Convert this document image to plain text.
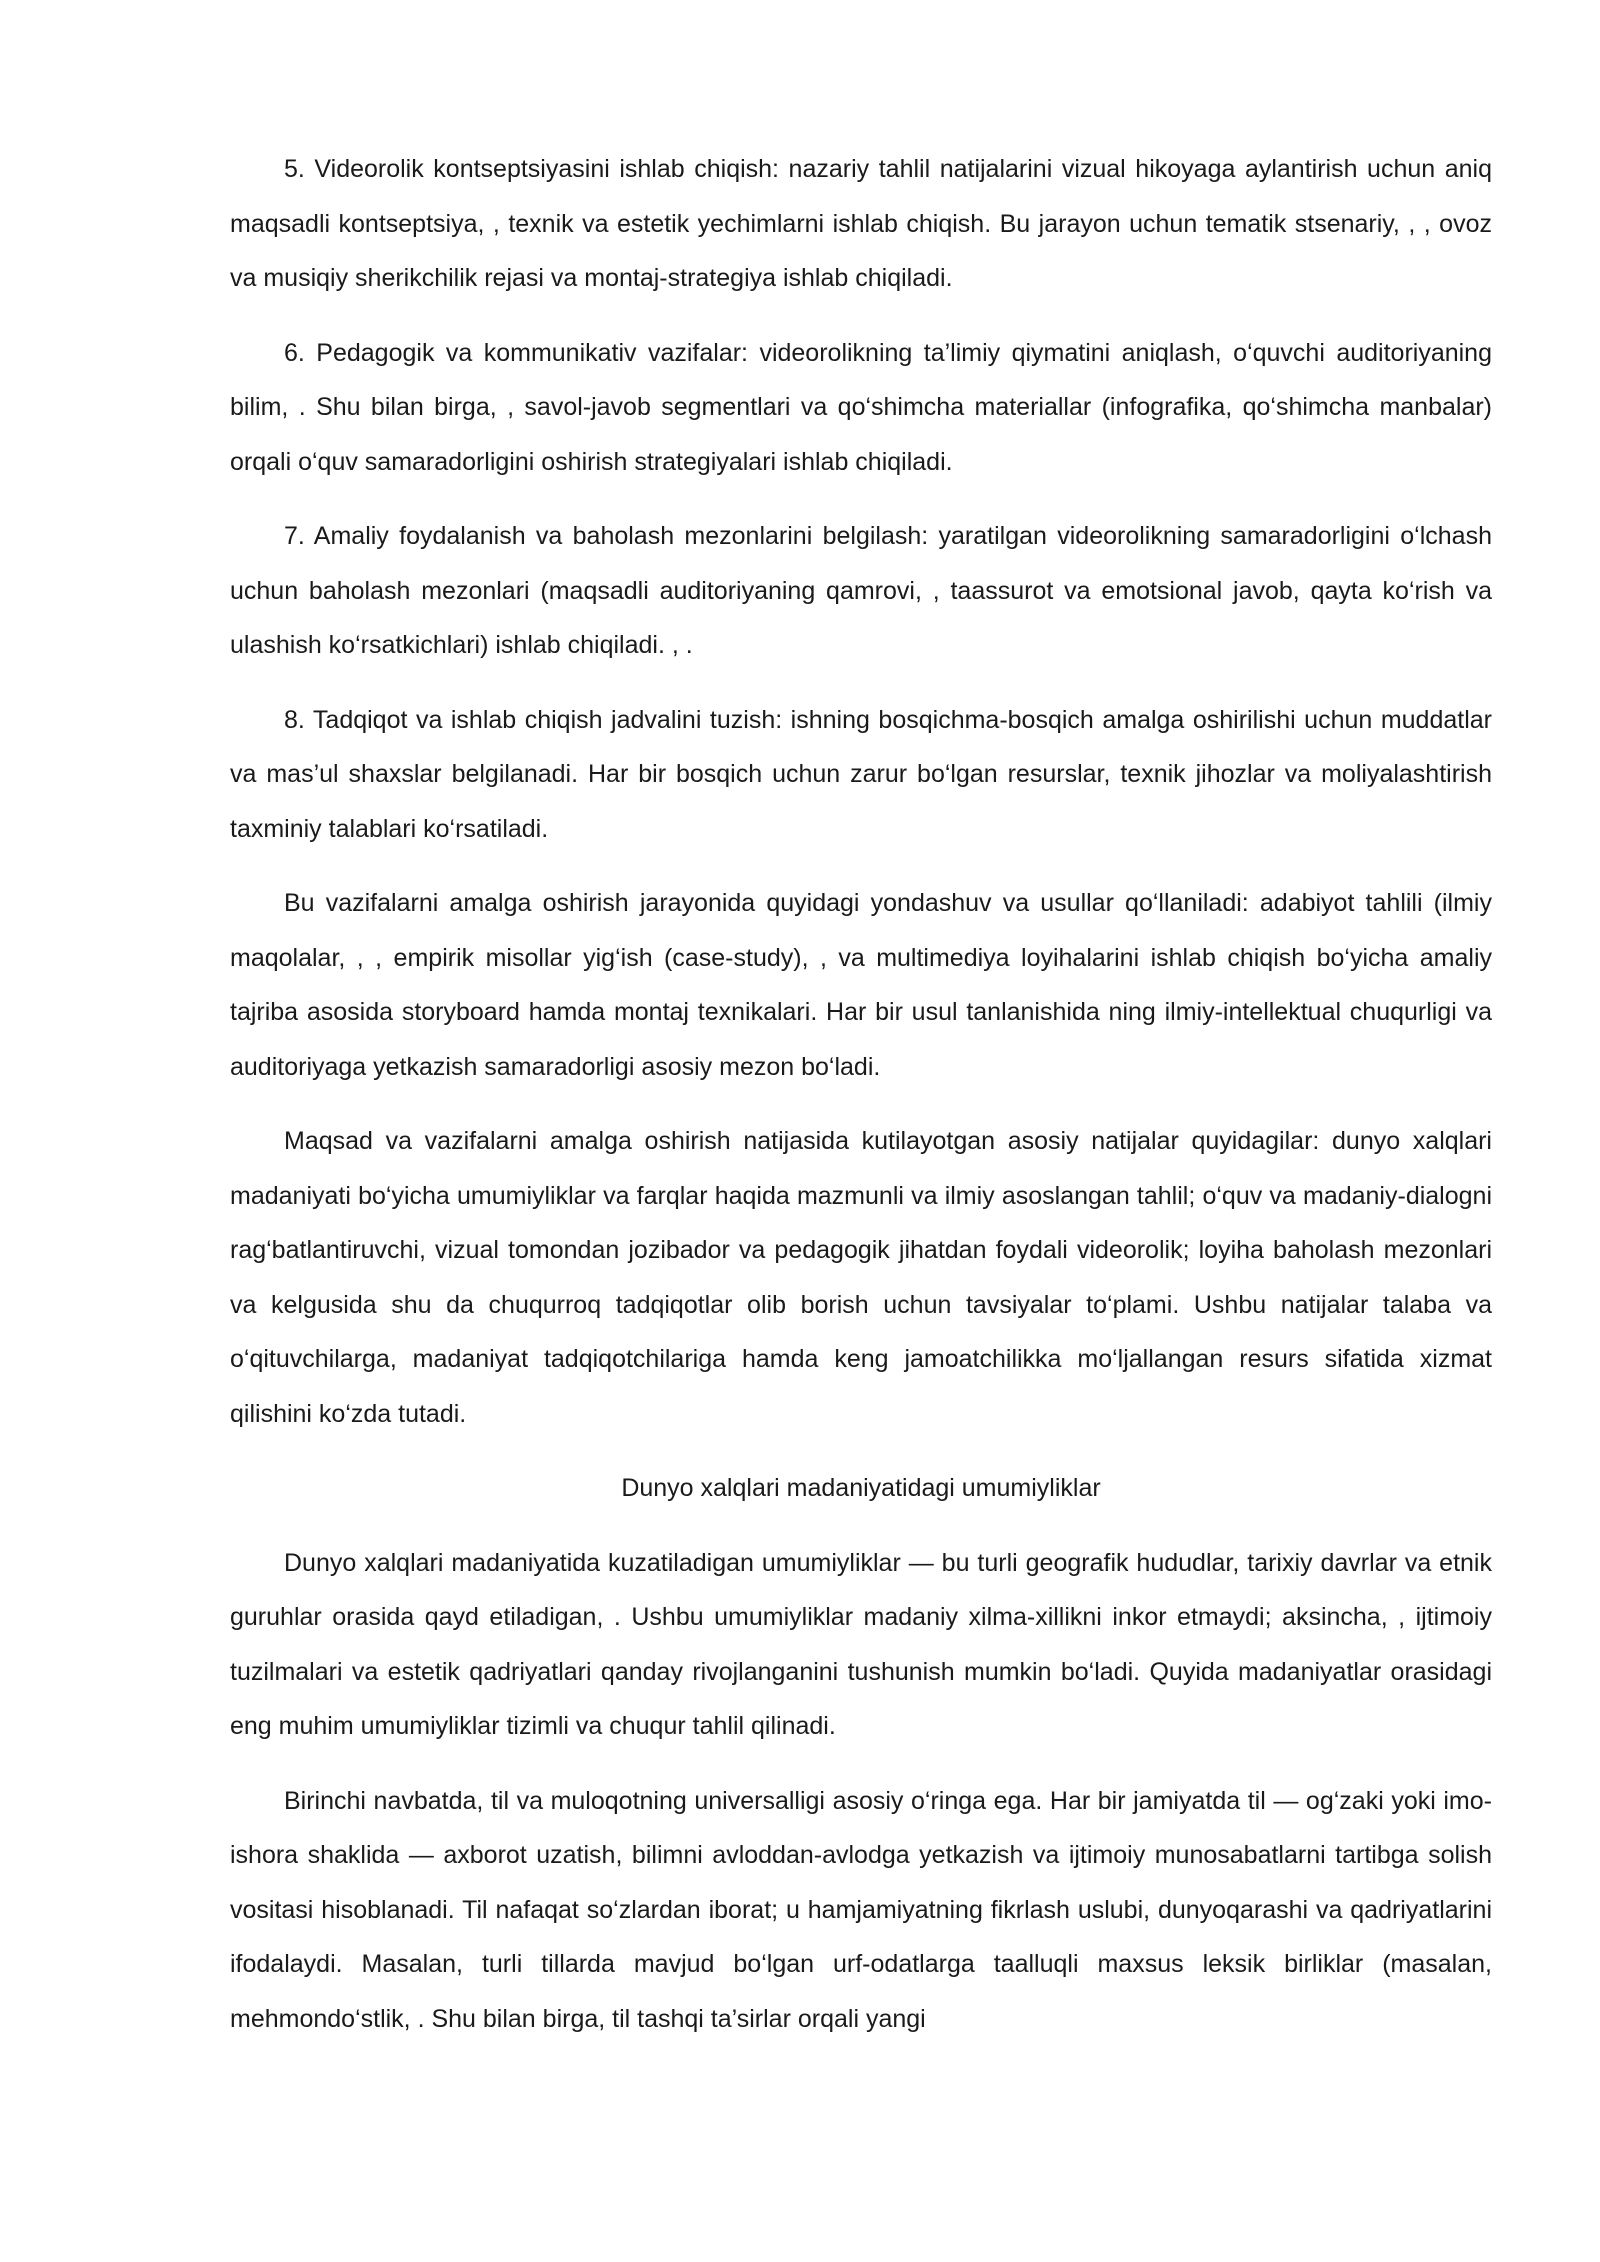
5. Videorolik kontseptsiyasini ishlab chiqish: nazariy tahlil natijalarini vizual hikoyaga aylantirish uchun aniq maqsadli kontseptsiya, , texnik va estetik yechimlarni ishlab chiqish. Bu jarayon uchun tematik stsenariy, , , ovoz va musiqiy sherikchilik rejasi va montaj-strategiya ishlab chiqiladi.

6. Pedagogik va kommunikativ vazifalar: videorolikning ta’limiy qiymatini aniqlash, o‘quvchi auditoriyaning bilim, . Shu bilan birga, , savol-javob segmentlari va qo‘shimcha materiallar (infografika, qo‘shimcha manbalar) orqali o‘quv samaradorligini oshirish strategiyalari ishlab chiqiladi.

7. Amaliy foydalanish va baholash mezonlarini belgilash: yaratilgan videorolikning samaradorligini o‘lchash uchun baholash mezonlari (maqsadli auditoriyaning qamrovi, , taassurot va emotsional javob, qayta ko‘rish va ulashish ko‘rsatkichlari) ishlab chiqiladi. , .

8. Tadqiqot va ishlab chiqish jadvalini tuzish: ishning bosqichma-bosqich amalga oshirilishi uchun muddatlar va mas’ul shaxslar belgilanadi. Har bir bosqich uchun zarur bo‘lgan resurslar, texnik jihozlar va moliyalashtirish taxminiy talablari ko‘rsatiladi.

Bu vazifalarni amalga oshirish jarayonida quyidagi yondashuv va usullar qo‘llaniladi: adabiyot tahlili (ilmiy maqolalar, , , empirik misollar yig‘ish (case-study), , va multimediya loyihalarini ishlab chiqish bo‘yicha amaliy tajriba asosida storyboard hamda montaj texnikalari. Har bir usul tanlanishida ning ilmiy-intellektual chuqurligi va auditoriyaga yetkazish samaradorligi asosiy mezon bo‘ladi.

Maqsad va vazifalarni amalga oshirish natijasida kutilayotgan asosiy natijalar quyidagilar: dunyo xalqlari madaniyati bo‘yicha umumiyliklar va farqlar haqida mazmunli va ilmiy asoslangan tahlil; o‘quv va madaniy-dialogni rag‘batlantiruvchi, vizual tomondan jozibador va pedagogik jihatdan foydali videorolik; loyiha baholash mezonlari va kelgusida shu da chuqurroq tadqiqotlar olib borish uchun tavsiyalar to‘plami. Ushbu natijalar talaba va o‘qituvchilarga, madaniyat tadqiqotchilariga hamda keng jamoatchilikka mo‘ljallangan resurs sifatida xizmat qilishini ko‘zda tutadi.

Dunyo xalqlari madaniyatidagi umumiyliklar

Dunyo xalqlari madaniyatida kuzatiladigan umumiyliklar — bu turli geografik hududlar, tarixiy davrlar va etnik guruhlar orasida qayd etiladigan, . Ushbu umumiyliklar madaniy xilma-xillikni inkor etmaydi; aksincha, , ijtimoiy tuzilmalari va estetik qadriyatlari qanday rivojlanganini tushunish mumkin bo‘ladi. Quyida madaniyatlar orasidagi eng muhim umumiyliklar tizimli va chuqur tahlil qilinadi.

Birinchi navbatda, til va muloqotning universalligi asosiy o‘ringa ega. Har bir jamiyatda til — og‘zaki yoki imo-ishora shaklida — axborot uzatish, bilimni avloddan-avlodga yetkazish va ijtimoiy munosabatlarni tartibga solish vositasi hisoblanadi. Til nafaqat so‘zlardan iborat; u hamjamiyatning fikrlash uslubi, dunyoqarashi va qadriyatlarini ifodalaydi. Masalan, turli tillarda mavjud bo‘lgan urf-odatlarga taalluqli maxsus leksik birliklar (masalan, mehmondo‘stlik, . Shu bilan birga, til tashqi ta’sirlar orqali yangi
